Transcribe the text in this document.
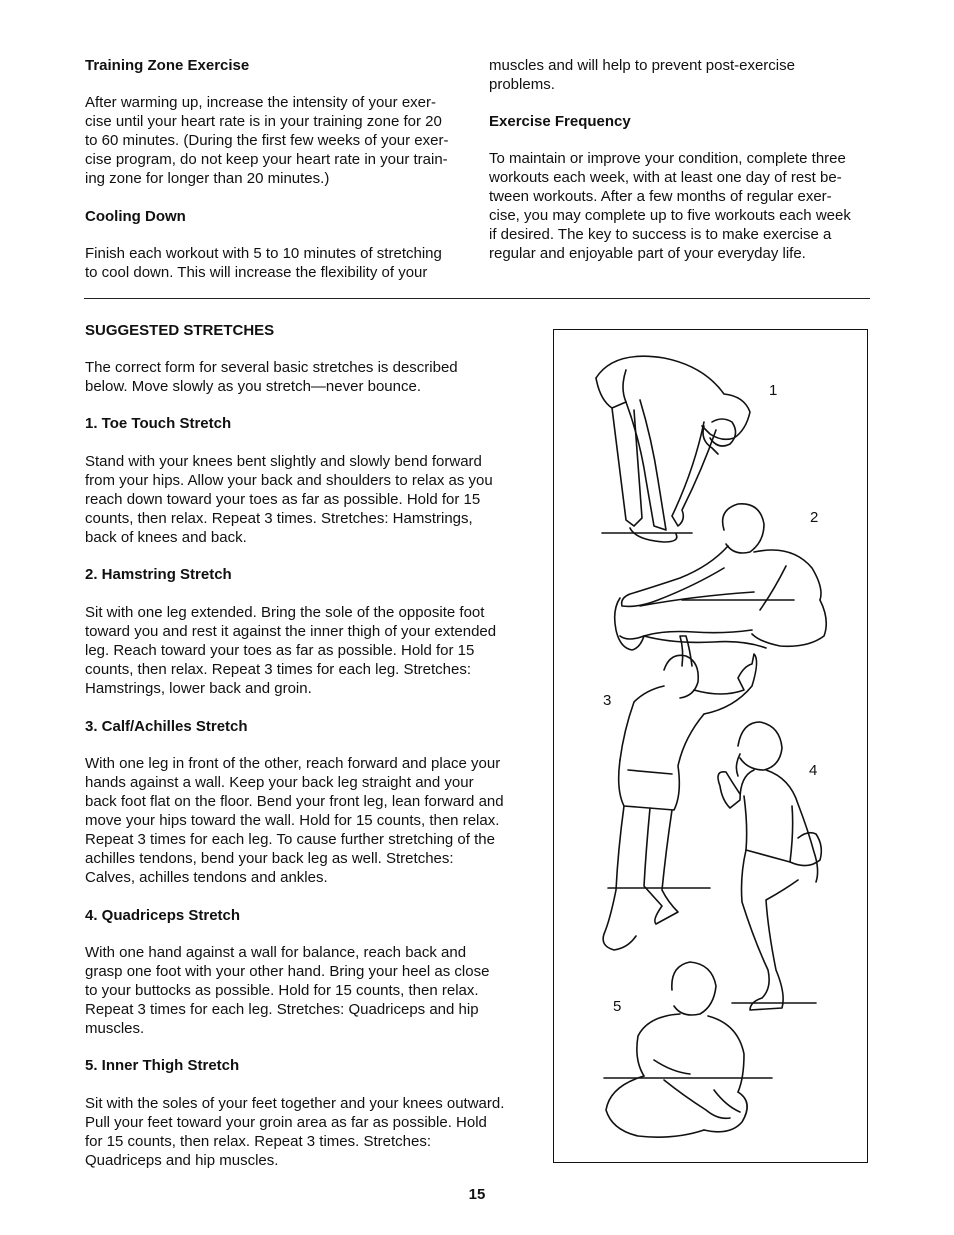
Training Zone Exercise

After warming up, increase the intensity of your exer-
cise until your heart rate is in your training zone for 20
to 60 minutes. (During the first few weeks of your exer-
cise program, do not keep your heart rate in your train-
ing zone for longer than 20 minutes.)

Cooling Down

Finish each workout with 5 to 10 minutes of stretching
to cool down. This will increase the flexibility of your

muscles and will help to prevent post-exercise
problems.

Exercise Frequency

To maintain or improve your condition, complete three
workouts each week, with at least one day of rest be-
tween workouts. After a few months of regular exer-
cise, you may complete up to five workouts each week
if desired. The key to success is to make exercise a
regular and enjoyable part of your everyday life.

SUGGESTED STRETCHES

The correct form for several basic stretches is described
below. Move slowly as you stretch—never bounce.

1. Toe Touch Stretch

Stand with your knees bent slightly and slowly bend forward
from your hips. Allow your back and shoulders to relax as you
reach down toward your toes as far as possible. Hold for 15
counts, then relax. Repeat 3 times. Stretches: Hamstrings,
back of knees and back.

2. Hamstring Stretch

Sit with one leg extended. Bring the sole of the opposite foot
toward you and rest it against the inner thigh of your extended
leg. Reach toward your toes as far as possible. Hold for 15
counts, then relax. Repeat 3 times for each leg. Stretches:
Hamstrings, lower back and groin.

3. Calf/Achilles Stretch

With one leg in front of the other, reach forward and place your
hands against a wall. Keep your back leg straight and your
back foot flat on the floor. Bend your front leg, lean forward and
move your hips toward the wall. Hold for 15 counts, then relax.
Repeat 3 times for each leg. To cause further stretching of the
achilles tendons, bend your back leg as well. Stretches:
Calves, achilles tendons and ankles.

4. Quadriceps Stretch

With one hand against a wall for balance, reach back and
grasp one foot with your other hand. Bring your heel as close
to your buttocks as possible. Hold for 15 counts, then relax.
Repeat 3 times for each leg. Stretches: Quadriceps and hip
muscles.

5. Inner Thigh Stretch

Sit with the soles of your feet together and your knees outward.
Pull your feet toward your groin area as far as possible. Hold
for 15 counts, then relax. Repeat 3 times. Stretches:
Quadriceps and hip muscles.

1
2
3
4
5
15
